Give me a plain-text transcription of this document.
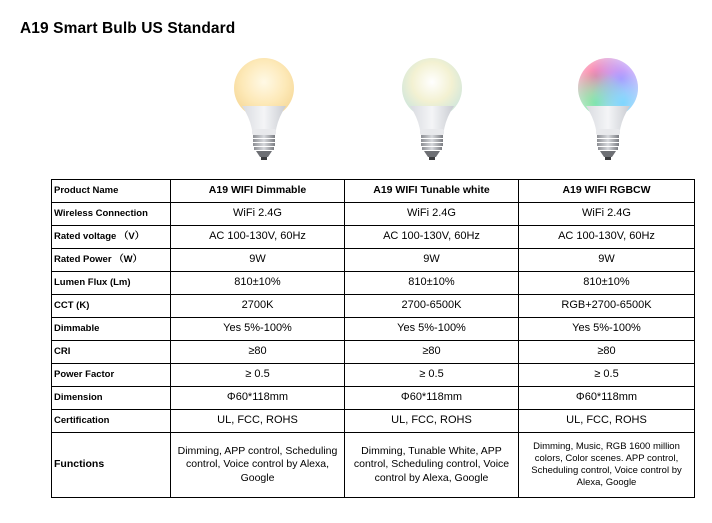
A19 Smart Bulb US Standard
Product Name	A19 WIFI Dimmable	A19 WIFI Tunable white	A19 WIFI RGBCW
Wireless Connection	WiFi 2.4G	WiFi 2.4G	WiFi 2.4G
Rated voltage （V）	AC 100-130V, 60Hz	AC 100-130V, 60Hz	AC 100-130V, 60Hz
Rated Power （W）	9W	9W	9W
Lumen Flux (Lm)	810±10%	810±10%	810±10%
CCT (K)	2700K	2700-6500K	RGB+2700-6500K
Dimmable	Yes 5%-100%	Yes 5%-100%	Yes 5%-100%
CRI	≥80	≥80	≥80
Power Factor	≥ 0.5	≥ 0.5	≥ 0.5
Dimension	Φ60*118mm	Φ60*118mm	Φ60*118mm
Certification	UL, FCC, ROHS	UL, FCC, ROHS	UL, FCC, ROHS
Functions	Dimming, APP control, Scheduling control, Voice control by Alexa, Google	Dimming, Tunable White, APP control, Scheduling control, Voice control by Alexa, Google	Dimming, Music, RGB 1600 million colors, Color scenes. APP control, Scheduling control, Voice control by Alexa, Google
